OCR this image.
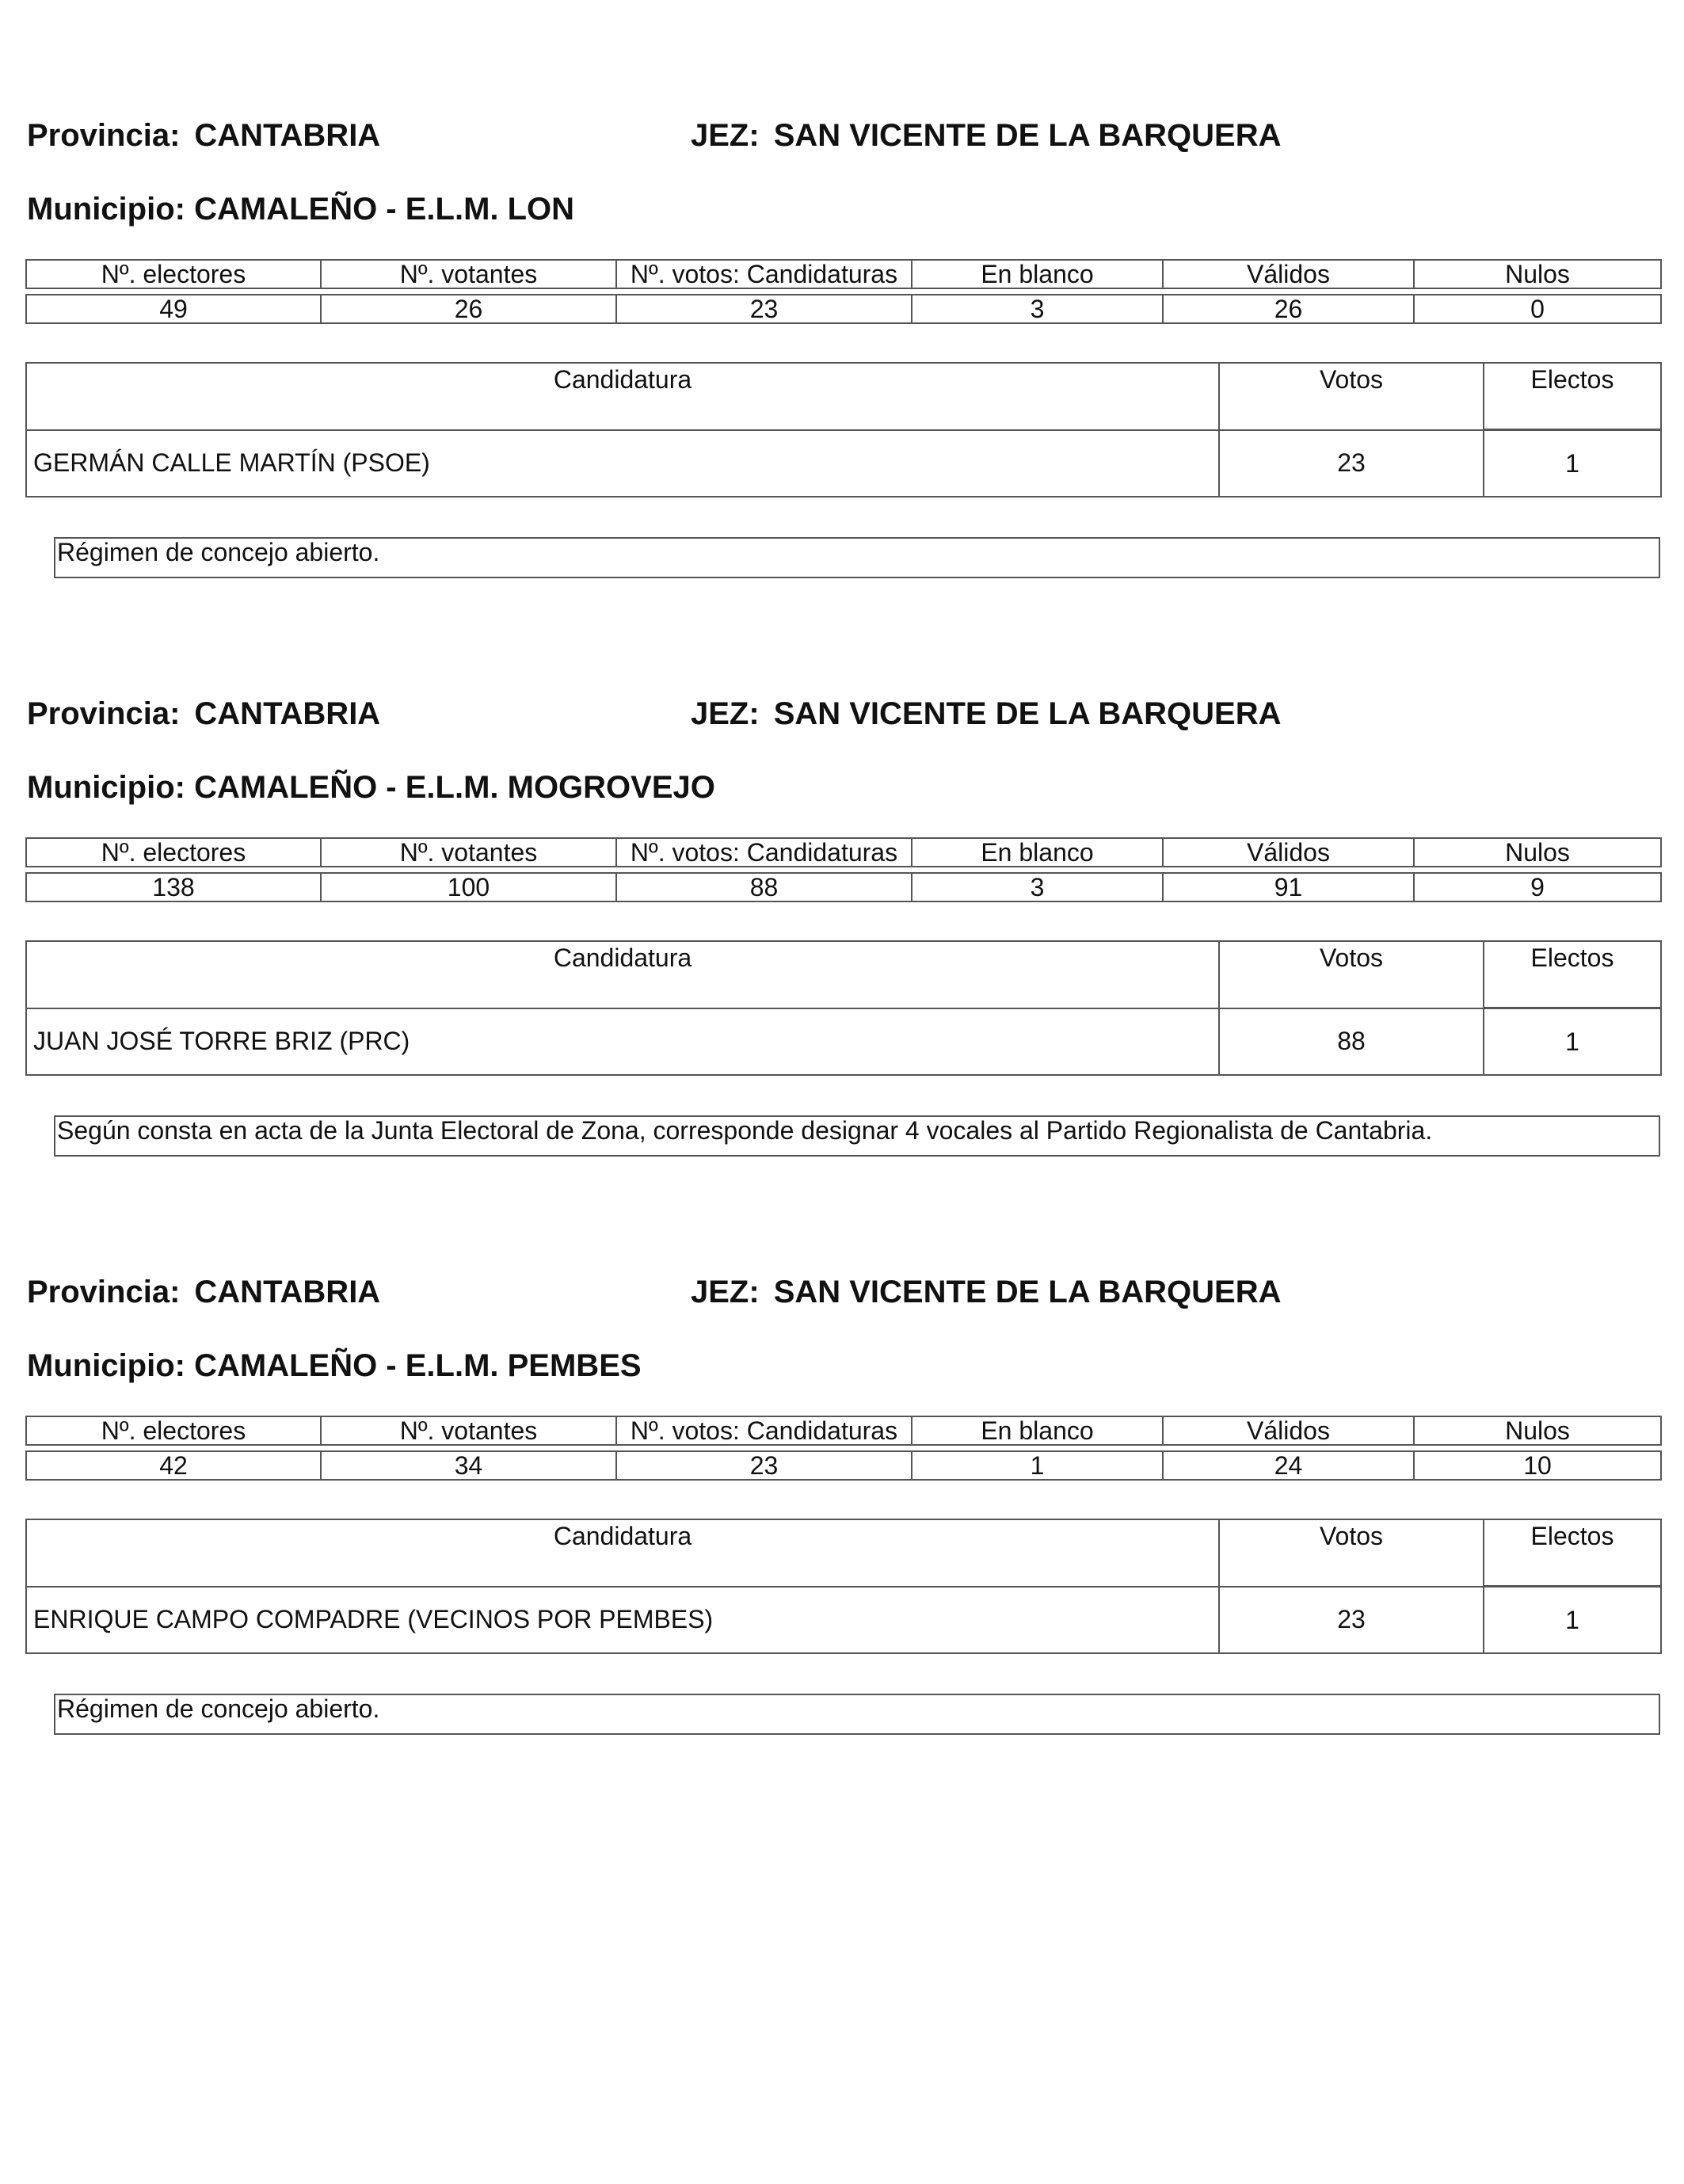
Provincia: CANTABRIA	JEZ: SAN VICENTE DE LA BARQUERA
Municipio: CAMALEÑO - E.L.M. LON
Nº. electores	Nº. votantes	Nº. votos: Candidaturas	En blanco	Válidos	Nulos

49	26	23	3	26	0
Candidatura	Votos	Electos
GERMÁN CALLE MARTÍN (PSOE)	23	1
Régimen de concejo abierto.
Provincia: CANTABRIA	JEZ: SAN VICENTE DE LA BARQUERA
Municipio: CAMALEÑO - E.L.M. MOGROVEJO
Nº. electores	Nº. votantes	Nº. votos: Candidaturas	En blanco	Válidos	Nulos

138	100	88	3	91	9
Candidatura	Votos	Electos
JUAN JOSÉ TORRE BRIZ (PRC)	88	1
Según consta en acta de la Junta Electoral de Zona, corresponde designar 4 vocales al Partido Regionalista de Cantabria.
Provincia: CANTABRIA	JEZ: SAN VICENTE DE LA BARQUERA
Municipio: CAMALEÑO - E.L.M. PEMBES
Nº. electores	Nº. votantes	Nº. votos: Candidaturas	En blanco	Válidos	Nulos

42	34	23	1	24	10
Candidatura	Votos	Electos
ENRIQUE CAMPO COMPADRE (VECINOS POR PEMBES)	23	1
Régimen de concejo abierto.
